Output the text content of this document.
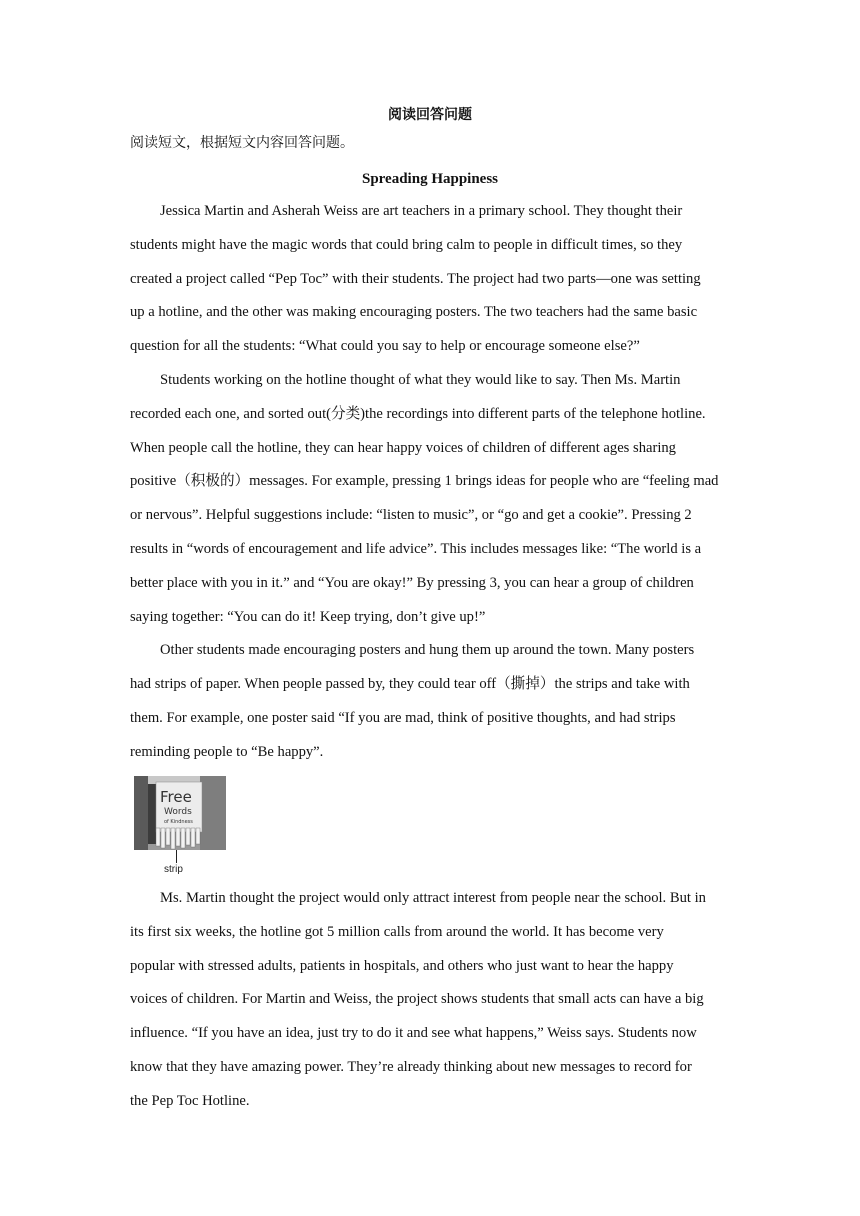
阅读回答问题
阅读短文，根据短文内容回答问题。
Spreading Happiness

Jessica Martin and Asherah Weiss are art teachers in a primary school. They thought their
students might have the magic words that could bring calm to people in difficult times, so they
created a project called “Pep Toc” with their students. The project had two parts—one was setting
up a hotline, and the other was making encouraging posters. The two teachers had the same basic
question for all the students: “What could you say to help or encourage someone else?”

Students working on the hotline thought of what they would like to say. Then Ms. Martin
recorded each one, and sorted out(分类)the recordings into different parts of the telephone hotline.
When people call the hotline, they can hear happy voices of children of different ages sharing
positive（积极的）messages. For example, pressing 1 brings ideas for people who are “feeling mad
or nervous”. Helpful suggestions include: “listen to music”, or “go and get a cookie”. Pressing 2
results in “words of encouragement and life advice”. This includes messages like: “The world is a
better place with you in it.” and “You are okay!” By pressing 3, you can hear a group of children
saying together: “You can do it! Keep trying, don’t give up!”

Other students made encouraging posters and hung them up around the town. Many posters
had strips of paper. When people passed by, they could tear off（撕掉）the strips and take with
them. For example, one poster said “If you are mad, think of positive thoughts, and had strips
reminding people to “Be happy”.

Free
Words
of Kindness
strip

Ms. Martin thought the project would only attract interest from people near the school. But in
its first six weeks, the hotline got 5 million calls from around the world. It has become very
popular with stressed adults, patients in hospitals, and others who just want to hear the happy
voices of children. For Martin and Weiss, the project shows students that small acts can have a big
influence. “If you have an idea, just try to do it and see what happens,” Weiss says. Students now
know that they have amazing power. They’re already thinking about new messages to record for
the Pep Toc Hotline.
